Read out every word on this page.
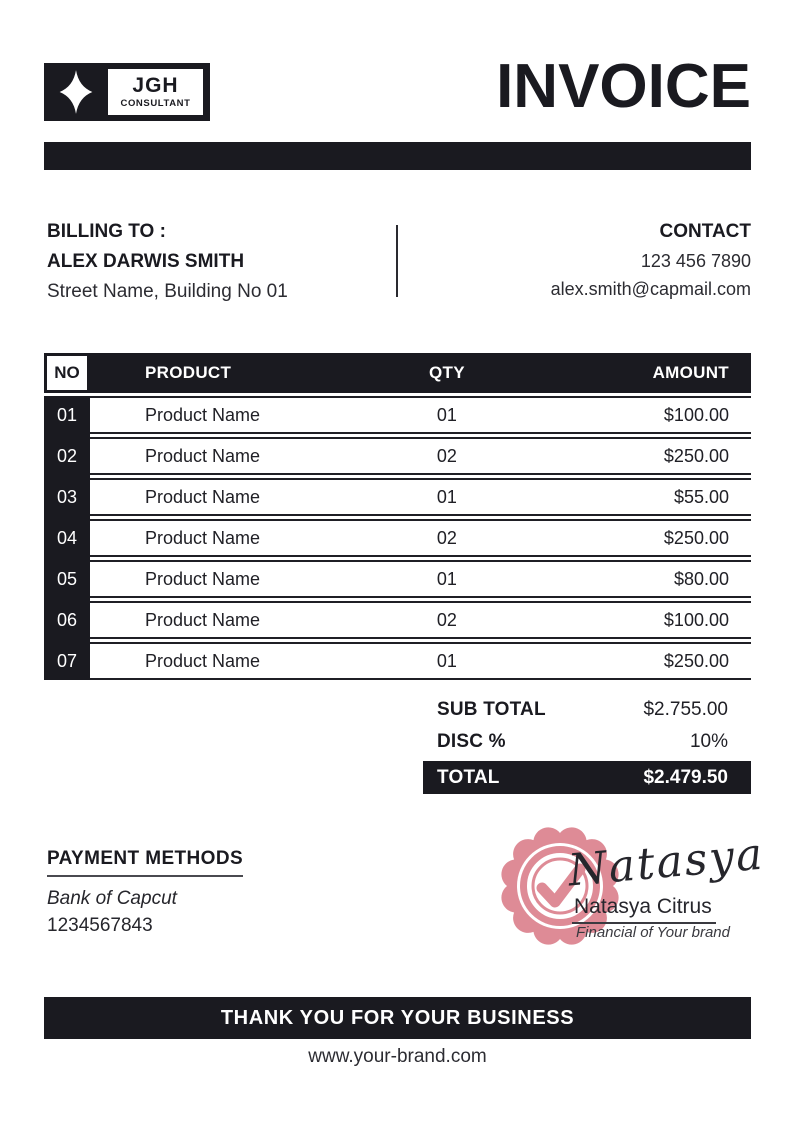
JGH
CONSULTANT	INVOICE
BILLING TO :
ALEX DARWIS SMITH
Street Name, Building No 01
CONTACT
123 456 7890
alex.smith@capmail.com
NO	PRODUCT	QTY	AMOUNT
01	Product Name	01	$100.00
02	Product Name	02	$250.00
03	Product Name	01	$55.00
04	Product Name	02	$250.00
05	Product Name	01	$80.00
06	Product Name	02	$100.00
07	Product Name	01	$250.00
SUB TOTAL	$2.755.00
DISC %	10%
TOTAL	$2.479.50
PAYMENT METHODS
Bank of Capcut
1234567843
Natasya
Natasya Citrus
Financial of Your brand
THANK YOU FOR YOUR BUSINESS
www.your-brand.com
